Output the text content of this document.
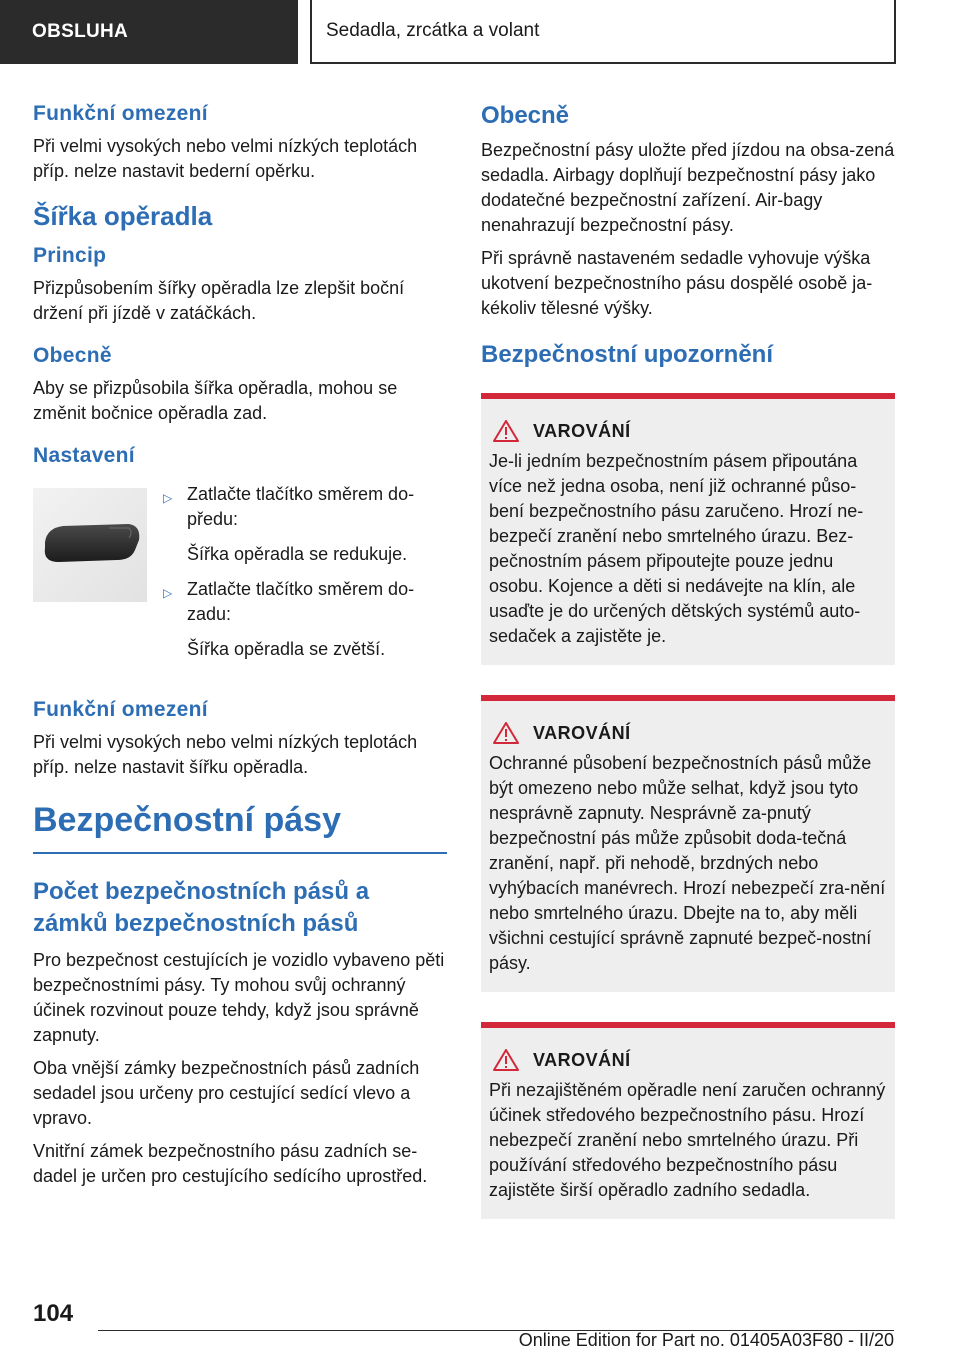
OBSLUHA	Sedadla, zrcátka a volant
Funkční omezení

Při velmi vysokých nebo velmi nízkých teplotách příp. nelze nastavit bederní opěrku.

Šířka opěradla
Princip

Přizpůsobením šířky opěradla lze zlepšit boční držení při jízdě v zatáčkách.

Obecně

Aby se přizpůsobila šířka opěradla, mohou se změnit bočnice opěradla zad.

Nastavení
▷ Zatlačte tlačítko směrem do-předu:
Šířka opěradla se redukuje.
▷ Zatlačte tlačítko směrem do-zadu:
Šířka opěradla se zvětší.
Funkční omezení

Při velmi vysokých nebo velmi nízkých teplotách příp. nelze nastavit šířku opěradla.

Bezpečnostní pásy
Počet bezpečnostních pásů a zámků bezpečnostních pásů

Pro bezpečnost cestujících je vozidlo vybaveno pěti bezpečnostními pásy. Ty mohou svůj ochranný účinek rozvinout pouze tehdy, když jsou správně zapnuty.

Oba vnější zámky bezpečnostních pásů zadních sedadel jsou určeny pro cestující sedící vlevo a vpravo.

Vnitřní zámek bezpečnostního pásu zadních se-dadel je určen pro cestujícího sedícího uprostřed.

Obecně

Bezpečnostní pásy uložte před jízdou na obsa-zená sedadla. Airbagy doplňují bezpečnostní pásy jako dodatečné bezpečnostní zařízení. Air-bagy nenahrazují bezpečnostní pásy.

Při správně nastaveném sedadle vyhovuje výška ukotvení bezpečnostního pásu dospělé osobě ja-kékoliv tělesné výšky.

Bezpečnostní upozornění
VAROVÁNÍ

Je-li jedním bezpečnostním pásem připoutána více než jedna osoba, není již ochranné půso-bení bezpečnostního pásu zaručeno. Hrozí ne-bezpečí zranění nebo smrtelného úrazu. Bez-pečnostním pásem připoutejte pouze jednu osobu. Kojence a děti si nedávejte na klín, ale usaďte je do určených dětských systémů auto-sedaček a zajistěte je.

VAROVÁNÍ

Ochranné působení bezpečnostních pásů může být omezeno nebo může selhat, když jsou tyto nesprávně zapnuty. Nesprávně za-pnutý bezpečnostní pás může způsobit doda-tečná zranění, např. při nehodě, brzdných nebo vyhýbacích manévrech. Hrozí nebezpečí zra-nění nebo smrtelného úrazu. Dbejte na to, aby měli všichni cestující správně zapnuté bezpeč-nostní pásy.

VAROVÁNÍ

Při nezajištěném opěradle není zaručen ochranný účinek středového bezpečnostního pásu. Hrozí nebezpečí zranění nebo smrtelného úrazu. Při používání středového bezpečnostního pásu zajistěte širší opěradlo zadního sedadla.

104
Online Edition for Part no. 01405A03F80 - II/20
